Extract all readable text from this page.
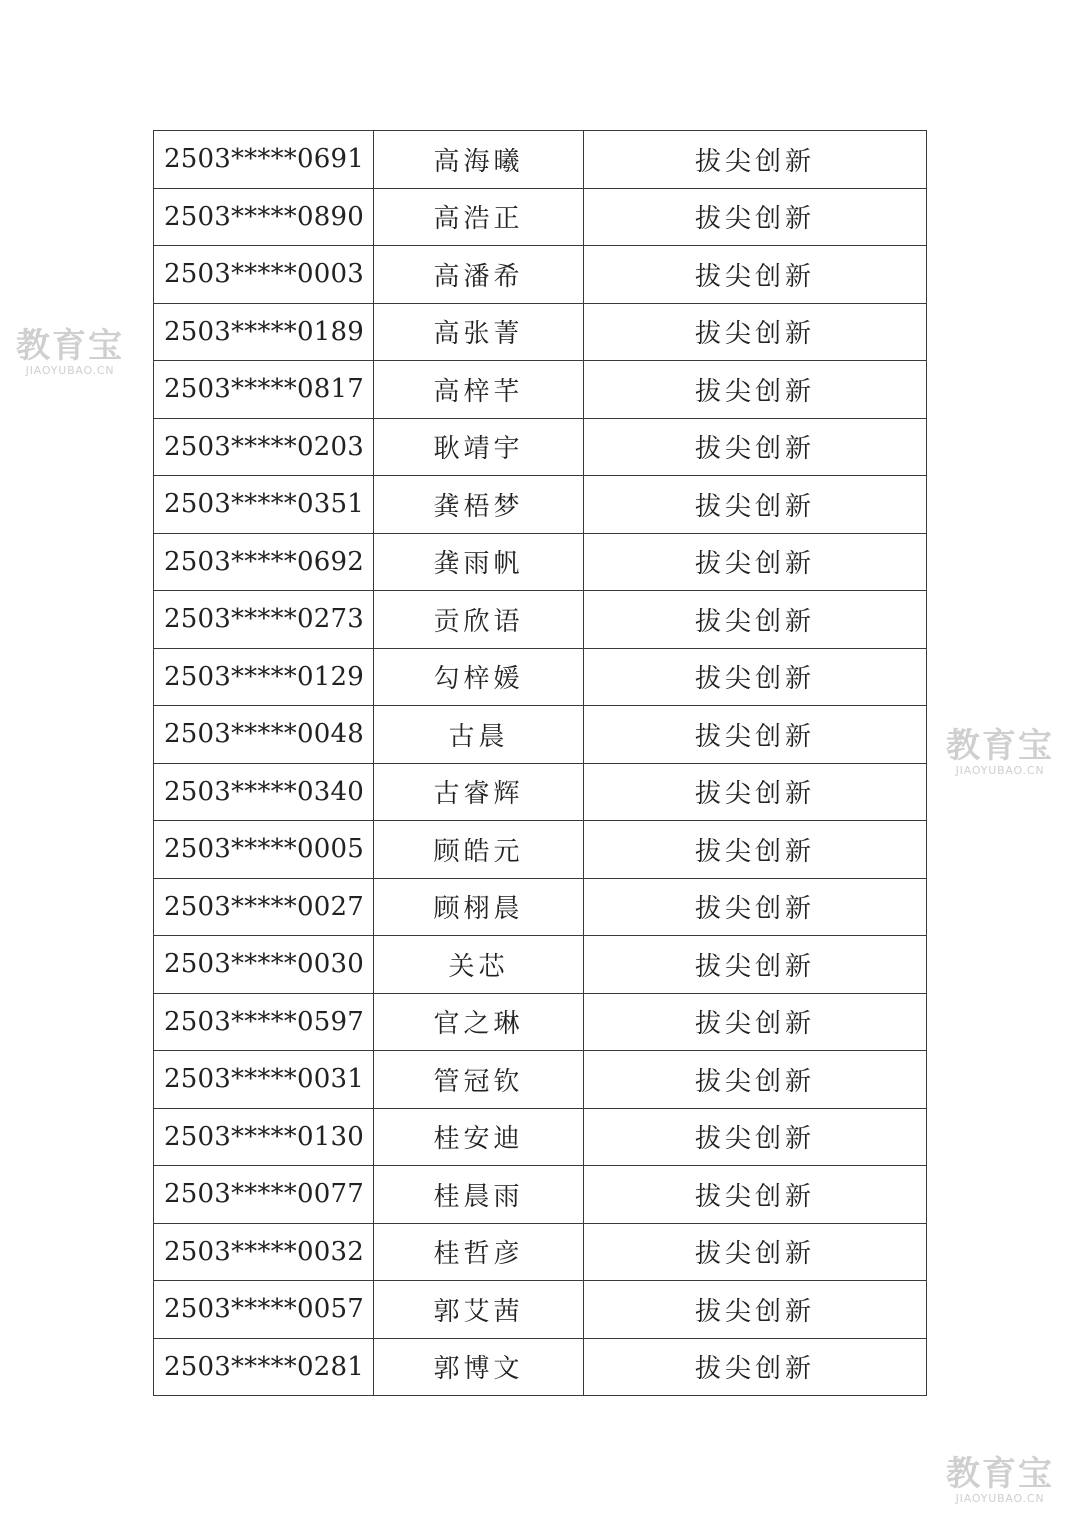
2503*****0691	高海曦	拔尖创新
2503*****0890	高浩正	拔尖创新
2503*****0003	高潘希	拔尖创新
2503*****0189	高张菁	拔尖创新
2503*****0817	高梓芊	拔尖创新
2503*****0203	耿靖宇	拔尖创新
2503*****0351	龚梧梦	拔尖创新
2503*****0692	龚雨帆	拔尖创新
2503*****0273	贡欣语	拔尖创新
2503*****0129	勾梓媛	拔尖创新
2503*****0048	古晨	拔尖创新
2503*****0340	古睿辉	拔尖创新
2503*****0005	顾皓元	拔尖创新
2503*****0027	顾栩晨	拔尖创新
2503*****0030	关芯	拔尖创新
2503*****0597	官之琳	拔尖创新
2503*****0031	管冠钦	拔尖创新
2503*****0130	桂安迪	拔尖创新
2503*****0077	桂晨雨	拔尖创新
2503*****0032	桂哲彦	拔尖创新
2503*****0057	郭艾茜	拔尖创新
2503*****0281	郭博文	拔尖创新
教育宝
JIAOYUBAO.CN
教育宝
JIAOYUBAO.CN
教育宝
JIAOYUBAO.CN
